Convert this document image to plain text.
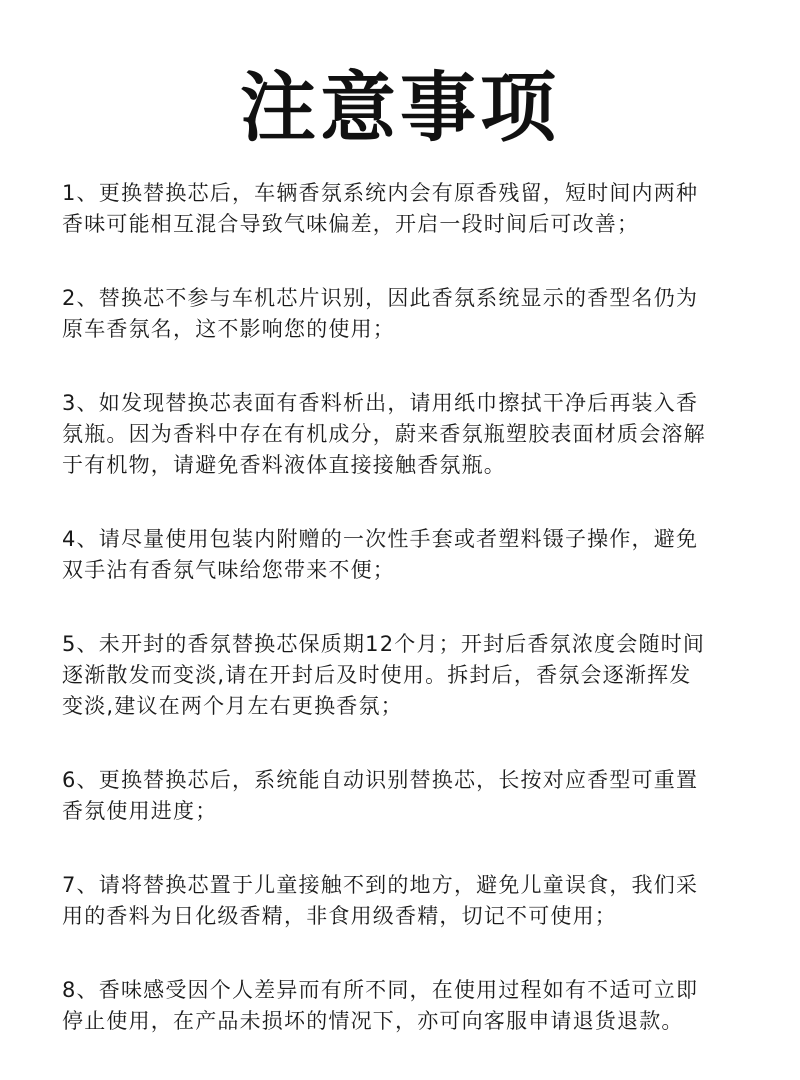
注意事项
1、更换替换芯后，车辆香氛系统内会有原香残留，短时间内两种
香味可能相互混合导致气味偏差，开启一段时间后可改善；
2、替换芯不参与车机芯片识别，因此香氛系统显示的香型名仍为
原车香氛名，这不影响您的使用；
3、如发现替换芯表面有香料析出，请用纸巾擦拭干净后再装入香
氛瓶。因为香料中存在有机成分，蔚来香氛瓶塑胶表面材质会溶解
于有机物，请避免香料液体直接接触香氛瓶。
4、请尽量使用包装内附赠的一次性手套或者塑料镊子操作，避免
双手沾有香氛气味给您带来不便；
5、未开封的香氛替换芯保质期12个月；开封后香氛浓度会随时间
逐渐散发而变淡,请在开封后及时使用。拆封后，香氛会逐渐挥发
变淡,建议在两个月左右更换香氛；
6、更换替换芯后，系统能自动识别替换芯，长按对应香型可重置
香氛使用进度；
7、请将替换芯置于儿童接触不到的地方，避免儿童误食，我们采
用的香料为日化级香精，非食用级香精，切记不可使用；
8、香味感受因个人差异而有所不同，在使用过程如有不适可立即
停止使用，在产品未损坏的情况下，亦可向客服申请退货退款。
